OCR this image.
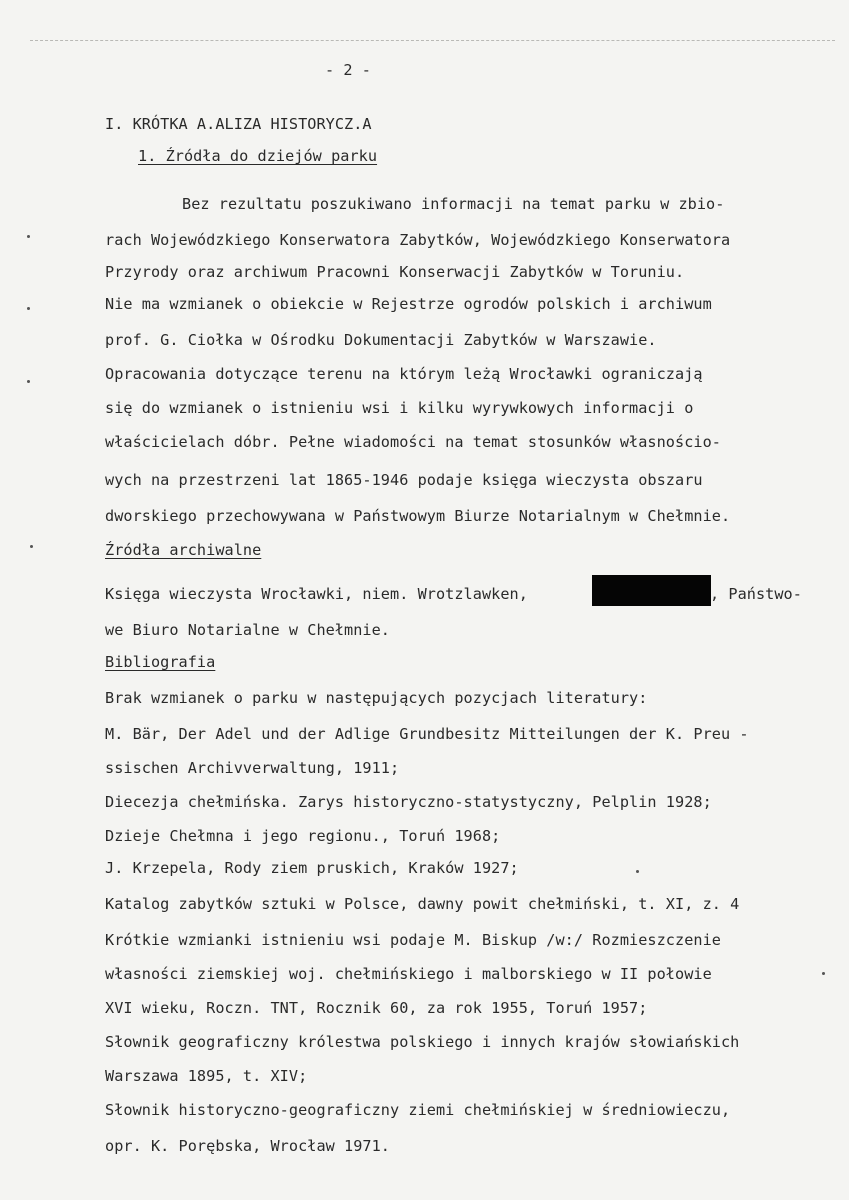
- 2 -
I. KRÓTKA A.ALIZA HISTORYCZ.A
1. Źródła do dziejów parku
Bez rezultatu poszukiwano informacji na temat parku w zbio-
rach Wojewódzkiego Konserwatora Zabytków, Wojewódzkiego Konserwatora
Przyrody oraz archiwum Pracowni Konserwacji Zabytków w Toruniu.
Nie ma wzmianek o obiekcie w Rejestrze ogrodów polskich i archiwum
prof. G. Ciołka w Ośrodku Dokumentacji Zabytków w Warszawie.
Opracowania dotyczące terenu na którym leżą Wrocławki ograniczają
się do wzmianek o istnieniu wsi i kilku wyrywkowych informacji o
właścicielach dóbr. Pełne wiadomości na temat stosunków własnościo-
wych na przestrzeni lat 1865-1946 podaje księga wieczysta obszaru
dworskiego przechowywana w Państwowym Biurze Notarialnym w Chełmnie.
Źródła archiwalne
Księga wieczysta Wrocławki, niem. Wrotzlawken,	, Państwo-
we Biuro Notarialne w Chełmnie.
Bibliografia
Brak wzmianek o parku w następujących pozycjach literatury:
M. Bär, Der Adel und der Adlige Grundbesitz Mitteilungen der K. Preu -
ssischen Archivverwaltung, 1911;
Diecezja chełmińska. Zarys historyczno-statystyczny, Pelplin 1928;
Dzieje Chełmna i jego regionu., Toruń 1968;
J. Krzepela, Rody ziem pruskich, Kraków 1927;
Katalog zabytków sztuki w Polsce, dawny powit chełmiński, t. XI, z. 4
Krótkie wzmianki istnieniu wsi podaje M. Biskup /w:/ Rozmieszczenie
własności ziemskiej woj. chełmińskiego i malborskiego w II połowie
XVI wieku, Roczn. TNT, Rocznik 60, za rok 1955, Toruń 1957;
Słownik geograficzny królestwa polskiego i innych krajów słowiańskich
Warszawa 1895, t. XIV;
Słownik historyczno-geograficzny ziemi chełmińskiej w średniowieczu,
opr. K. Porębska, Wrocław 1971.
